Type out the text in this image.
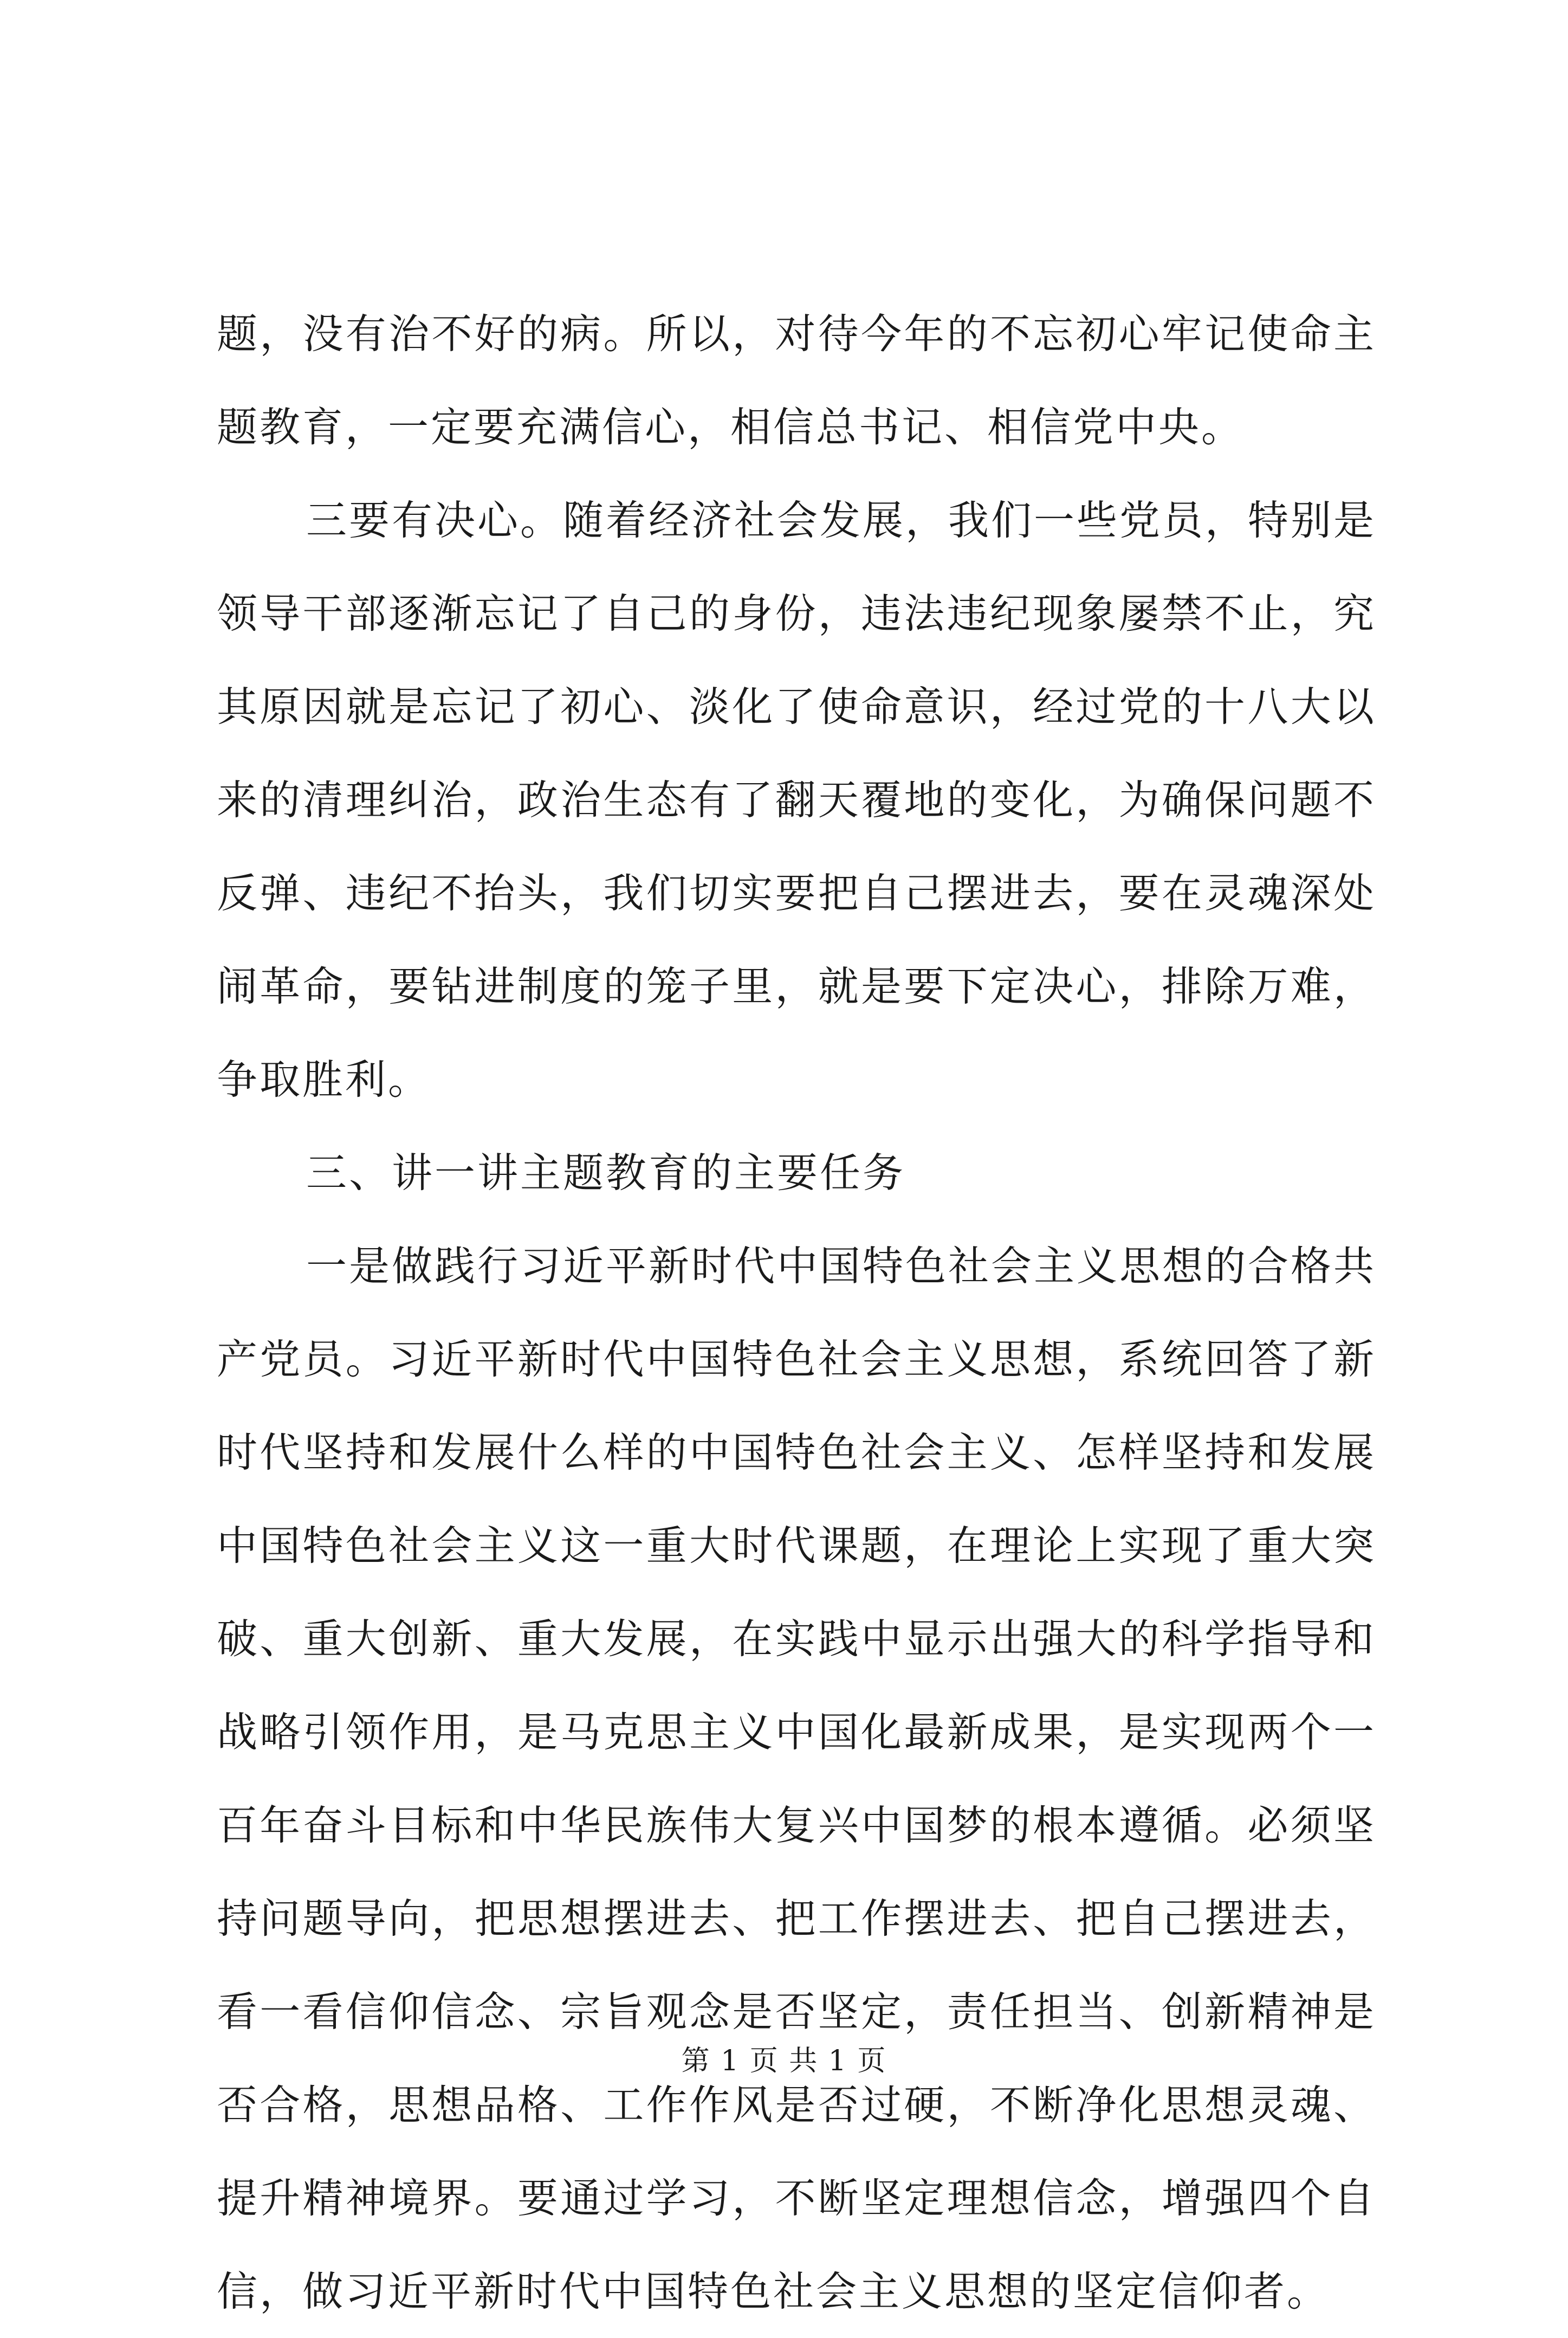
题，没有治不好的病。所以，对待今年的不忘初心牢记使命主题教育，一定要充满信心，相信总书记、相信党中央。

三要有决心。随着经济社会发展，我们一些党员，特别是领导干部逐渐忘记了自己的身份，违法违纪现象屡禁不止，究其原因就是忘记了初心、淡化了使命意识，经过党的十八大以来的清理纠治，政治生态有了翻天覆地的变化，为确保问题不反弹、违纪不抬头，我们切实要把自己摆进去，要在灵魂深处闹革命，要钻进制度的笼子里，就是要下定决心，排除万难，争取胜利。

三、讲一讲主题教育的主要任务

一是做践行习近平新时代中国特色社会主义思想的合格共产党员。习近平新时代中国特色社会主义思想，系统回答了新时代坚持和发展什么样的中国特色社会主义、怎样坚持和发展中国特色社会主义这一重大时代课题，在理论上实现了重大突破、重大创新、重大发展，在实践中显示出强大的科学指导和战略引领作用，是马克思主义中国化最新成果，是实现两个一百年奋斗目标和中华民族伟大复兴中国梦的根本遵循。必须坚持问题导向，把思想摆进去、把工作摆进去、把自己摆进去，看一看信仰信念、宗旨观念是否坚定，责任担当、创新精神是否合格，思想品格、工作作风是否过硬，不断净化思想灵魂、提升精神境界。要通过学习，不断坚定理想信念，增强四个自信，做习近平新时代中国特色社会主义思想的坚定信仰者。

第 1 页 共 1 页
